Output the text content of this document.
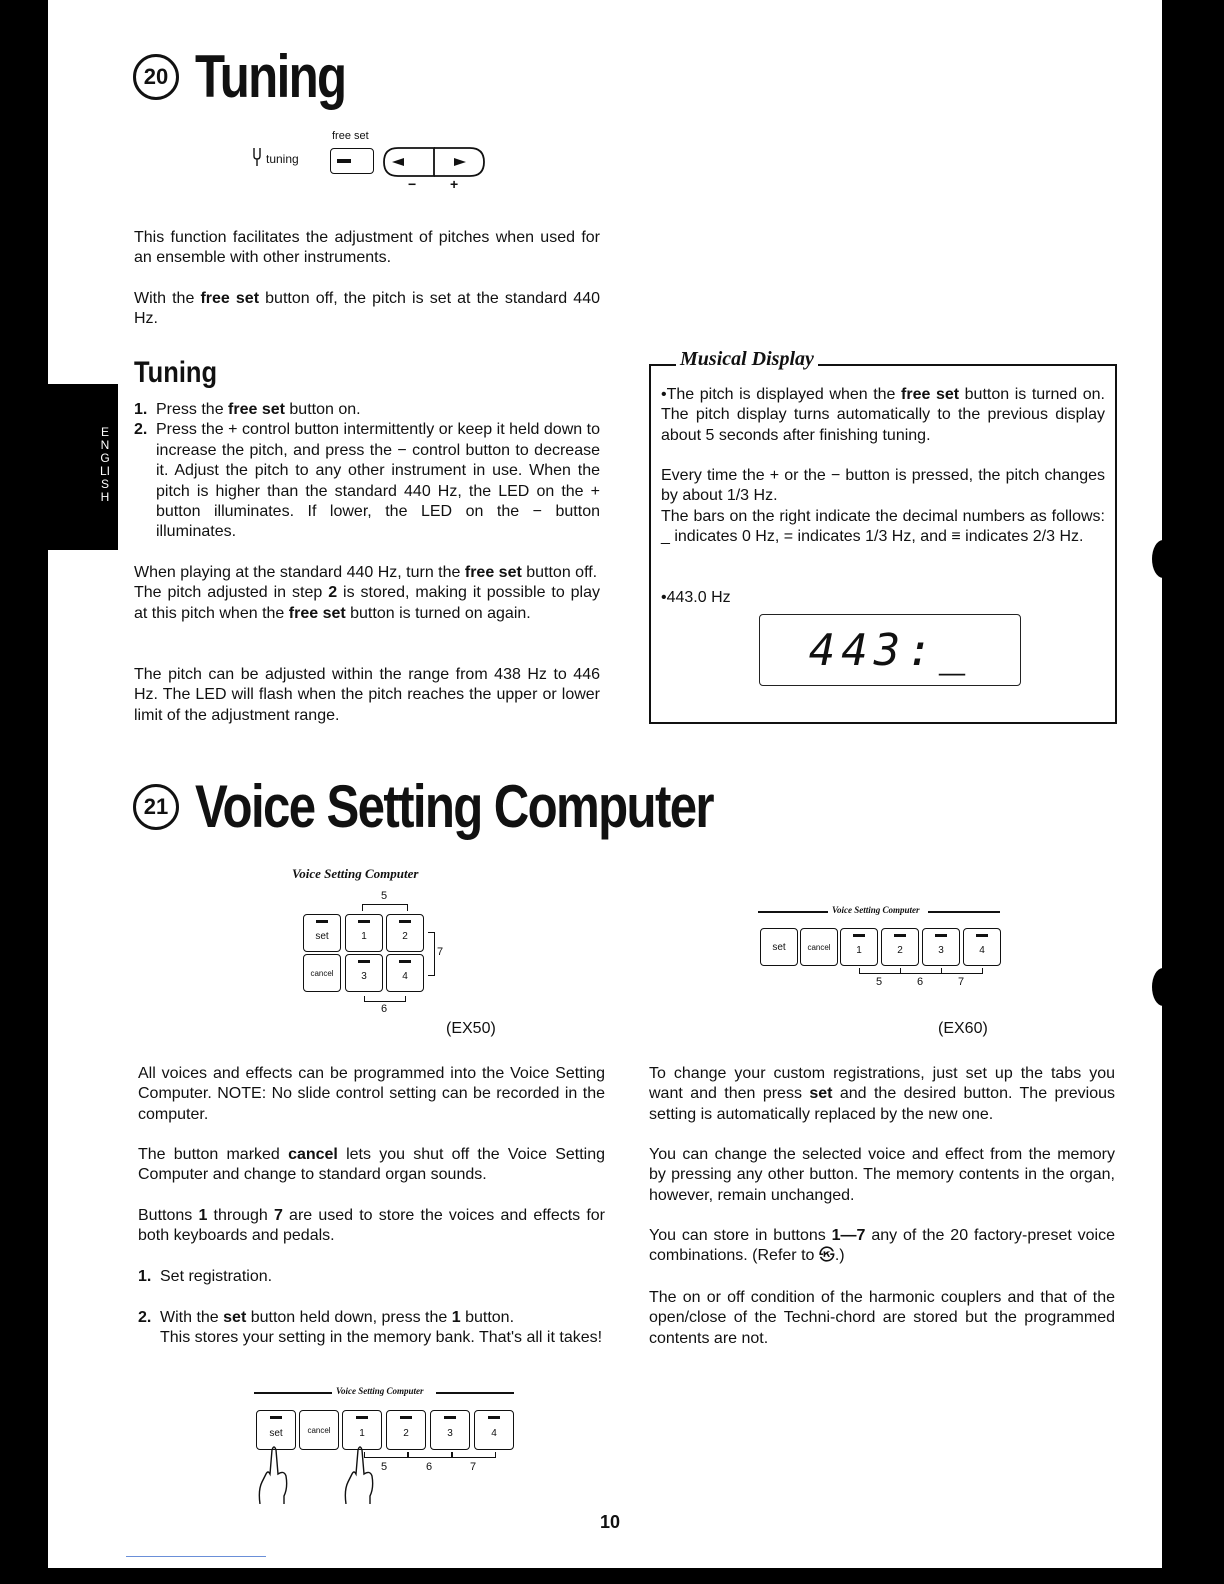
ENGLISH
20 Tuning
free set
tuning
− +

This function facilitates the adjustment of pitches when used for an ensemble with other instruments.

With the free set button off, the pitch is set at the standard 440 Hz.

Tuning
1. Press the free set button on.
2. Press the + control button intermittently or keep it held down to increase the pitch, and press the − control button to decrease it. Adjust the pitch to any other instrument in use. When the pitch is higher than the standard 440 Hz, the LED on the + button illuminates. If lower, the LED on the − button illuminates.

When playing at the standard 440 Hz, turn the free set button off.
The pitch adjusted in step 2 is stored, making it possible to play at this pitch when the free set button is turned on again.

The pitch can be adjusted within the range from 438 Hz to 446 Hz. The LED will flash when the pitch reaches the upper or lower limit of the adjustment range.

Musical Display

•The pitch is displayed when the free set button is turned on. The pitch display turns automatically to the previous display about 5 seconds after finishing tuning.

Every time the + or the − button is pressed, the pitch changes by about 1/3 Hz.

The bars on the right indicate the decimal numbers as follows: _ indicates 0 Hz, = indicates 1/3 Hz, and ≡ indicates 2/3 Hz.

•443.0 Hz

443:_
21 Voice Setting Computer
Voice Setting Computer
5
set	1	2
cancel	3	4
7
6
(EX50)
Voice Setting Computer
set	cancel	1	2	3	4
5	6	7
(EX60)

All voices and effects can be programmed into the Voice Setting Computer. NOTE: No slide control setting can be recorded in the computer.

The button marked cancel lets you shut off the Voice Setting Computer and change to standard organ sounds.

Buttons 1 through 7 are used to store the voices and effects for both keyboards and pedals.

1. Set registration.
2. With the set button held down, press the 1 button.
This stores your setting in the memory bank. That's all it takes!
Voice Setting Computer
set	cancel	1	2	3	4
5	6	7

To change your custom registrations, just set up the tabs you want and then press set and the desired button. The previous setting is automatically replaced by the new one.

You can change the selected voice and effect from the memory by pressing any other button. The memory contents in the organ, however, remain unchanged.

You can store in buttons 1—7 any of the 20 factory-preset voice combinations. (Refer to ㉿.)

The on or off condition of the harmonic couplers and that of the open/close of the Techni-chord are stored but the programmed contents are not.

10
